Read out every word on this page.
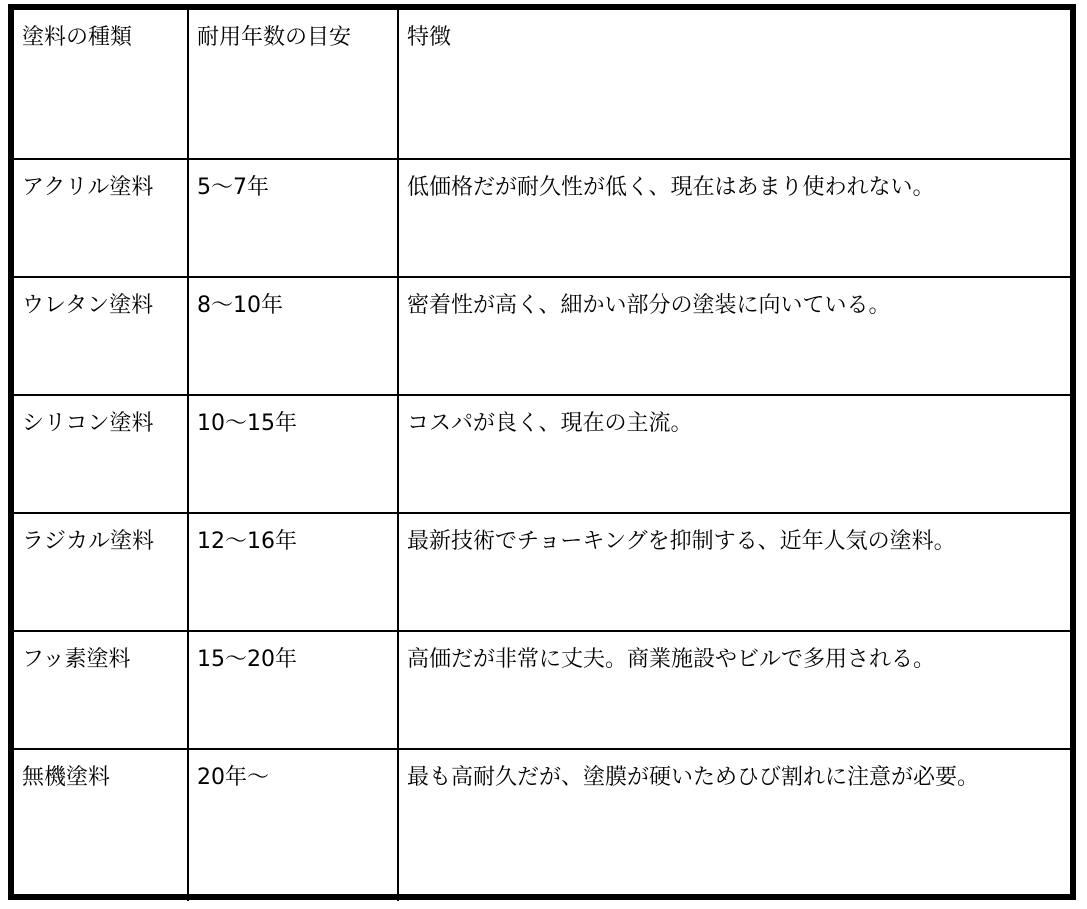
塗料の種類	耐用年数の目安	特徴
アクリル塗料	5〜7年	低価格だが耐久性が低く、現在はあまり使われない。
ウレタン塗料	8〜10年	密着性が高く、細かい部分の塗装に向いている。
シリコン塗料	10〜15年	コスパが良く、現在の主流。
ラジカル塗料	12〜16年	最新技術でチョーキングを抑制する、近年人気の塗料。
フッ素塗料	15〜20年	高価だが非常に丈夫。商業施設やビルで多用される。
無機塗料	20年〜	最も高耐久だが、塗膜が硬いためひび割れに注意が必要。
